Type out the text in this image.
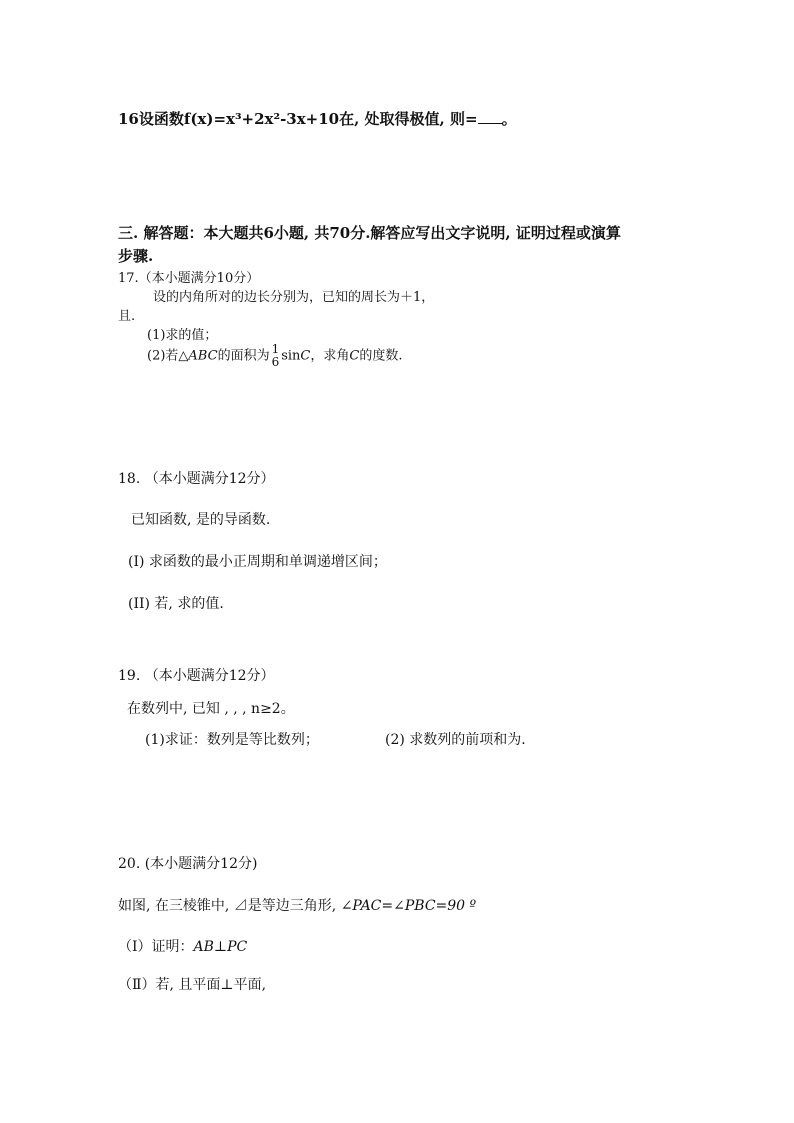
16设函数f(x)=x³+2x²-3x+10在, 处取得极值, 则= 。
三. 解答题：本大题共6小题, 共70分.解答应写出文字说明, 证明过程或演算
步骤.
17.（本小题满分10分）
设的内角所对的边长分别为，已知的周长为＋1，
且.
(1)求的值；
(2)若△ABC的面积为 1
6 sinC，求角C的度数.
18. （本小题满分12分）
已知函数, 是的导函数.
(I) 求函数的最小正周期和单调递增区间；
(II) 若, 求的值.
19. （本小题满分12分）
在数列中, 已知 , , , n≥2。
(1)求证：数列是等比数列；	(2) 求数列的前项和为.
20. (本小题满分12分)
如图, 在三棱锥中, ⊿是等边三角形, ∠PAC=∠PBC=90 º
（Ⅰ）证明：AB⊥PC
（Ⅱ）若, 且平面⊥平面,
